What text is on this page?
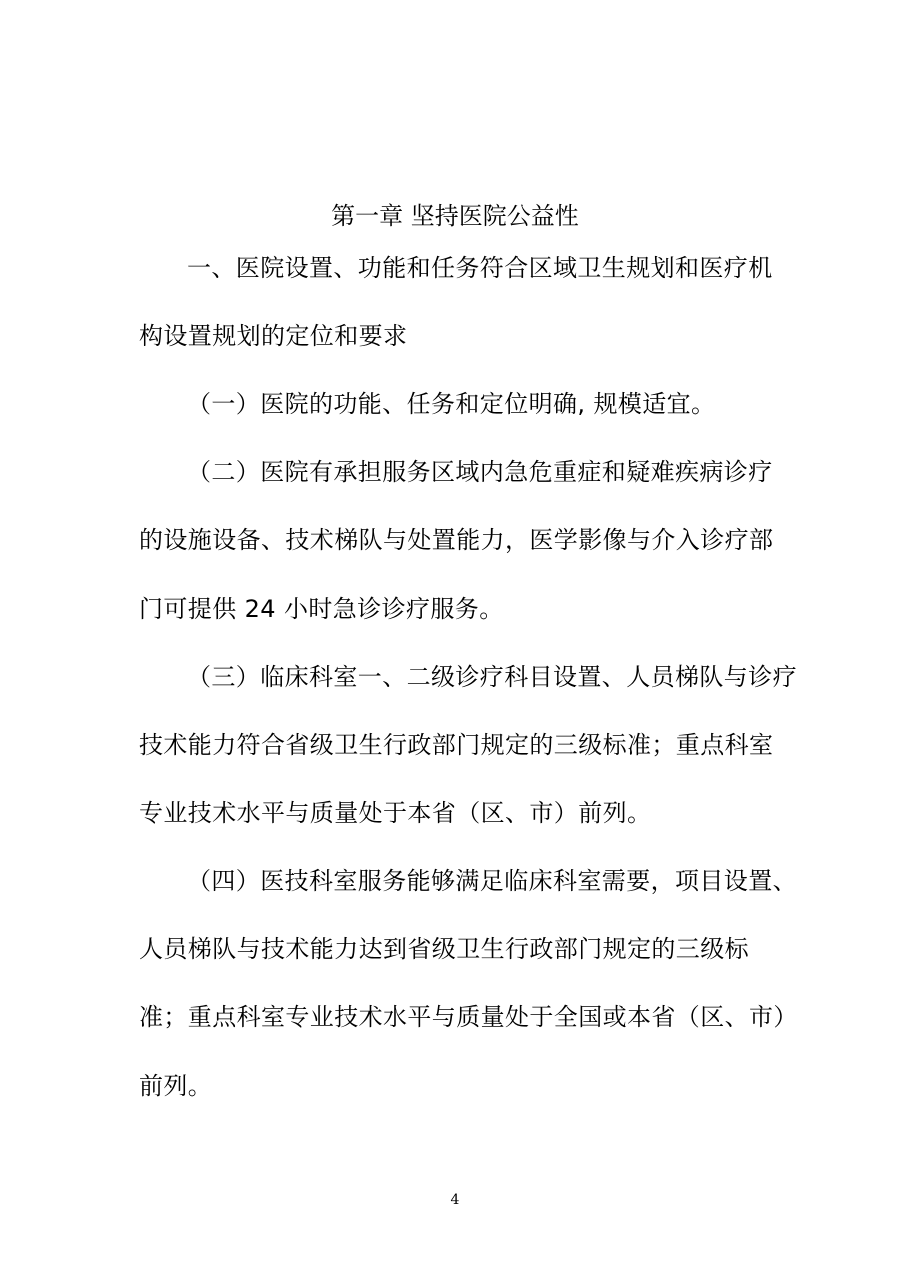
第一章 坚持医院公益性
一、医院设置、功能和任务符合区域卫生规划和医疗机
构设置规划的定位和要求
（一）医院的功能、任务和定位明确, 规模适宜。
（二）医院有承担服务区域内急危重症和疑难疾病诊疗
的设施设备、技术梯队与处置能力，医学影像与介入诊疗部
门可提供 24 小时急诊诊疗服务。
（三）临床科室一、二级诊疗科目设置、人员梯队与诊疗
技术能力符合省级卫生行政部门规定的三级标准；重点科室
专业技术水平与质量处于本省（区、市）前列。
（四）医技科室服务能够满足临床科室需要，项目设置、
人员梯队与技术能力达到省级卫生行政部门规定的三级标
准；重点科室专业技术水平与质量处于全国或本省（区、市）
前列。
4
